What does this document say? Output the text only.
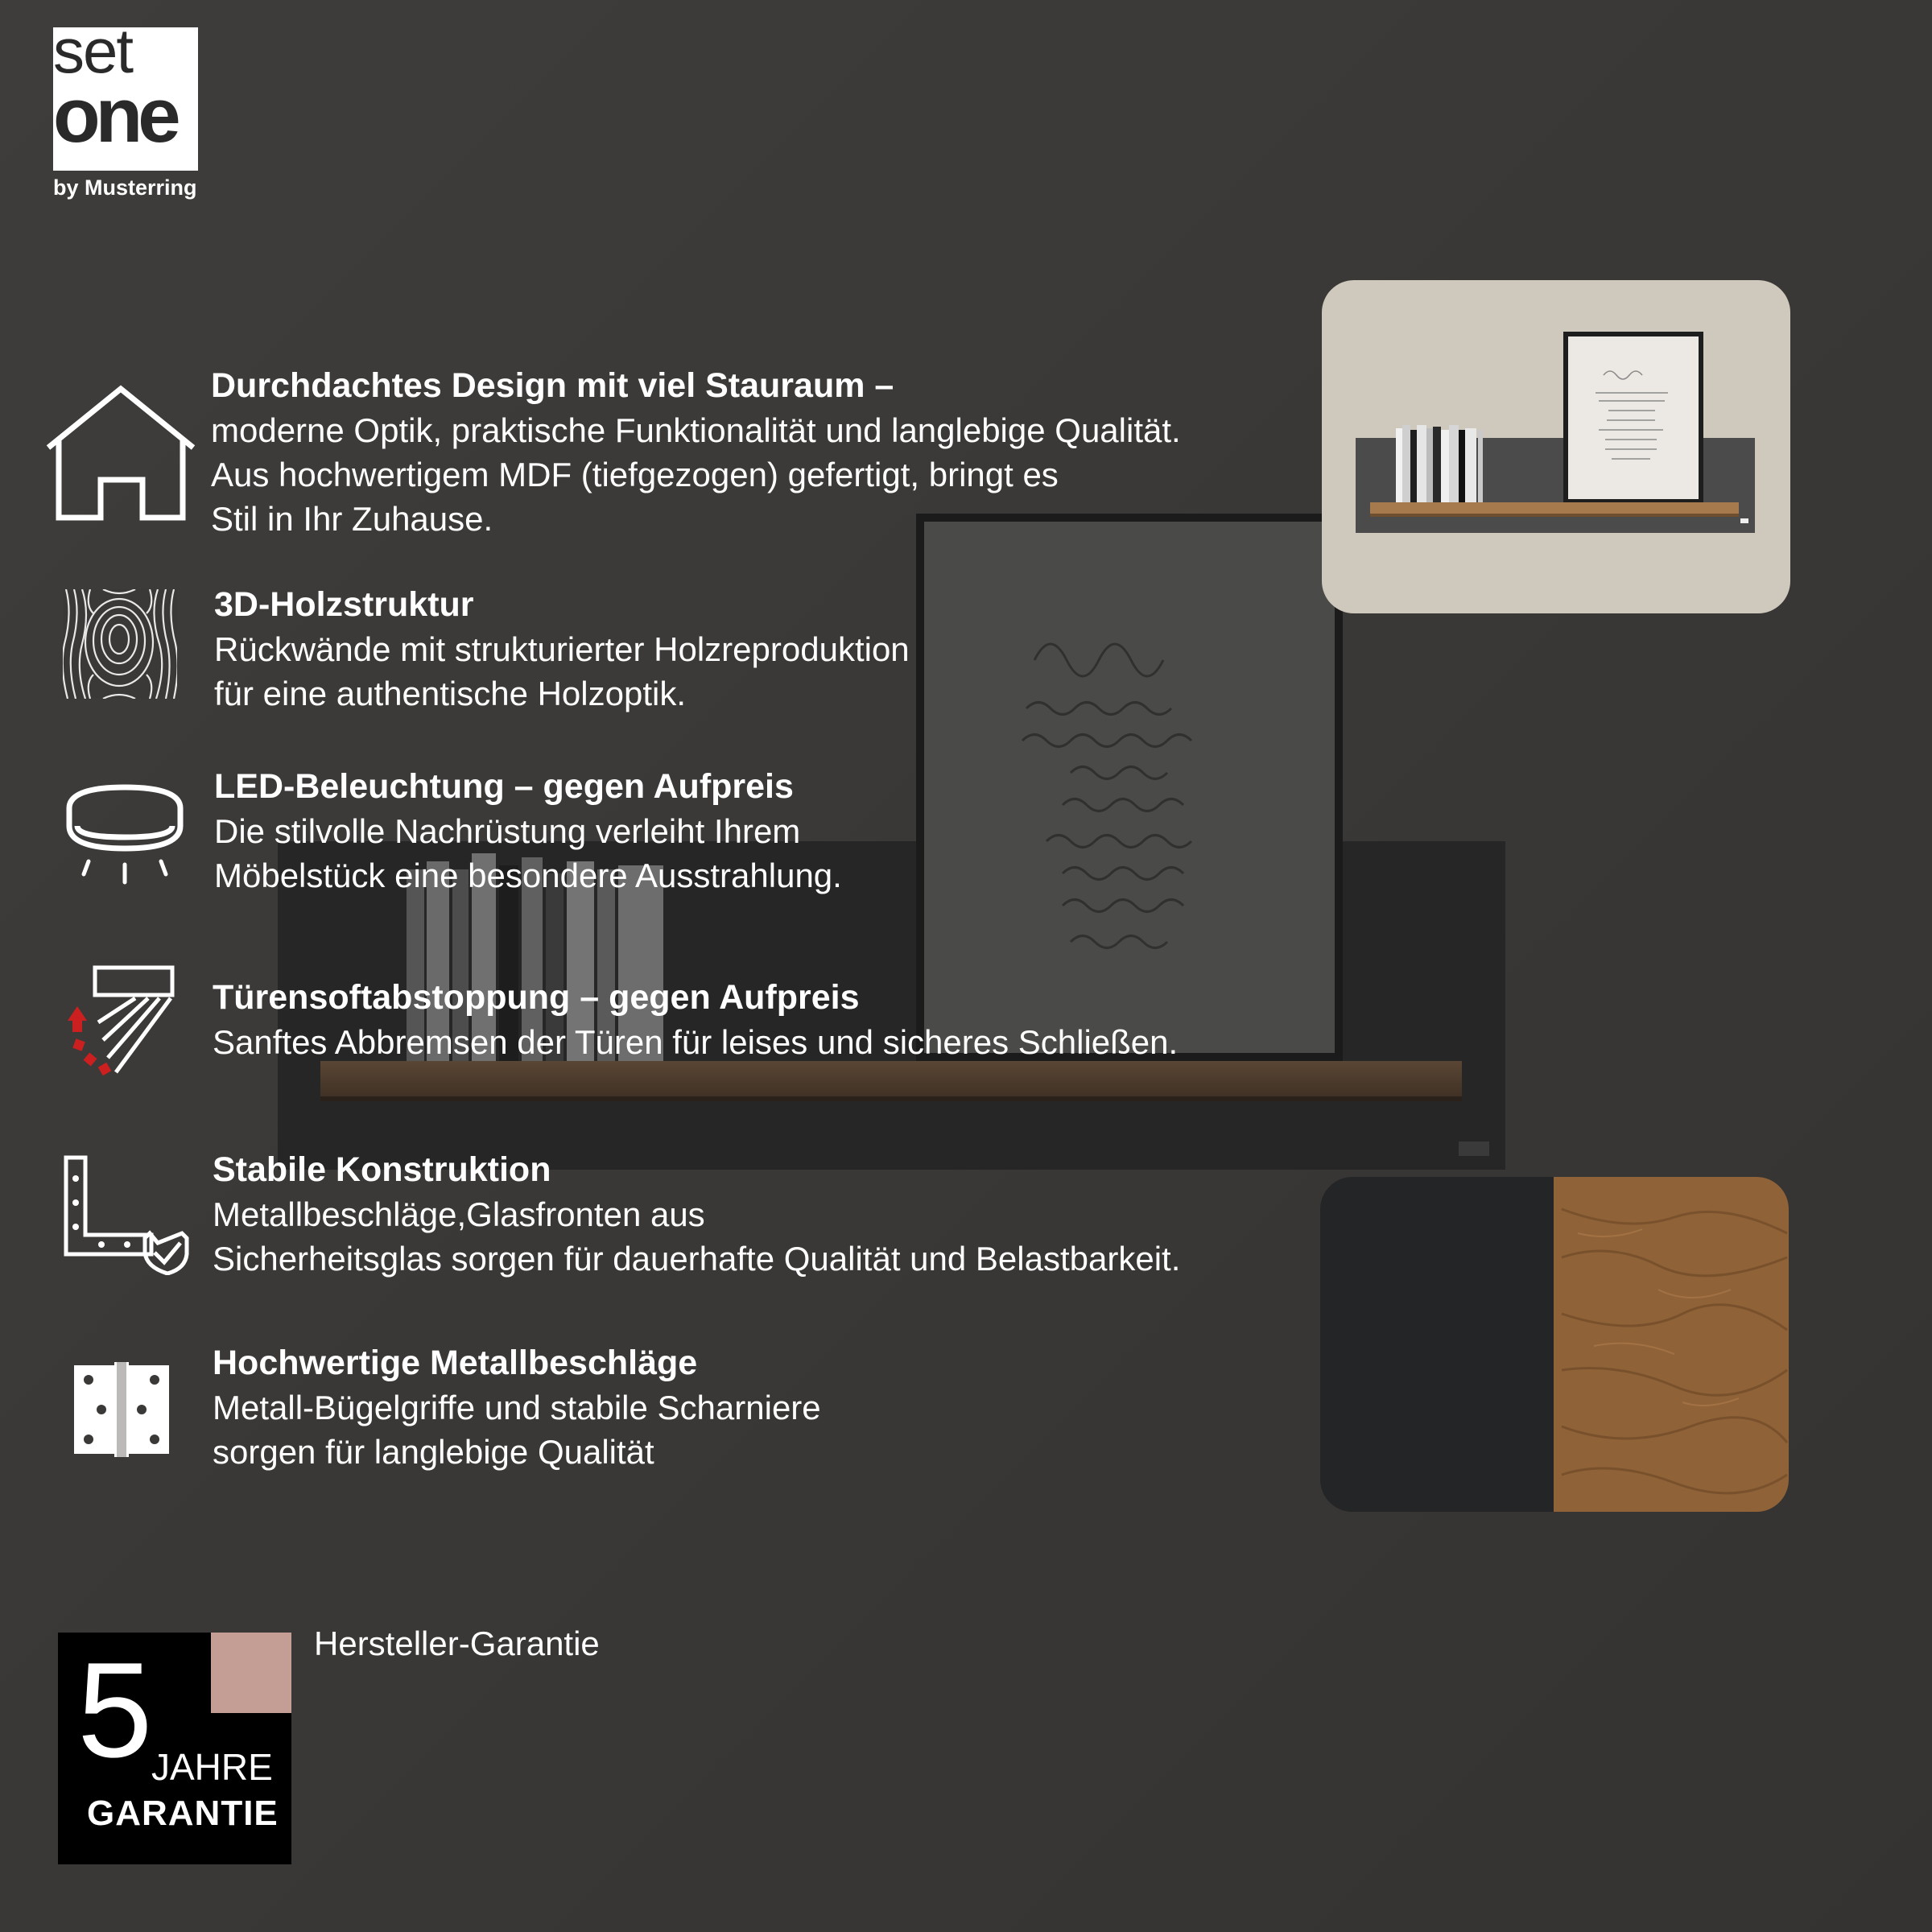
set
one
by Musterring
Durchdachtes Design mit viel Stauraum –
moderne Optik, praktische Funktionalität und langlebige Qualität.
Aus hochwertigem MDF (tiefgezogen) gefertigt, bringt es
Stil in Ihr Zuhause.
3D-Holzstruktur
Rückwände mit strukturierter Holzreproduktion
für eine authentische Holzoptik.
LED-Beleuchtung – gegen Aufpreis
Die stilvolle Nachrüstung verleiht Ihrem
Möbelstück eine besondere Ausstrahlung.
Türensoftabstoppung – gegen Aufpreis
Sanftes Abbremsen der Türen für leises und sicheres Schließen.
Stabile Konstruktion
Metallbeschläge,Glasfronten aus
Sicherheitsglas sorgen für dauerhafte Qualität und Belastbarkeit.
Hochwertige Metallbeschläge
Metall-Bügelgriffe und stabile Scharniere
sorgen für langlebige Qualität
5
JAHRE
GARANTIE
Hersteller-Garantie
